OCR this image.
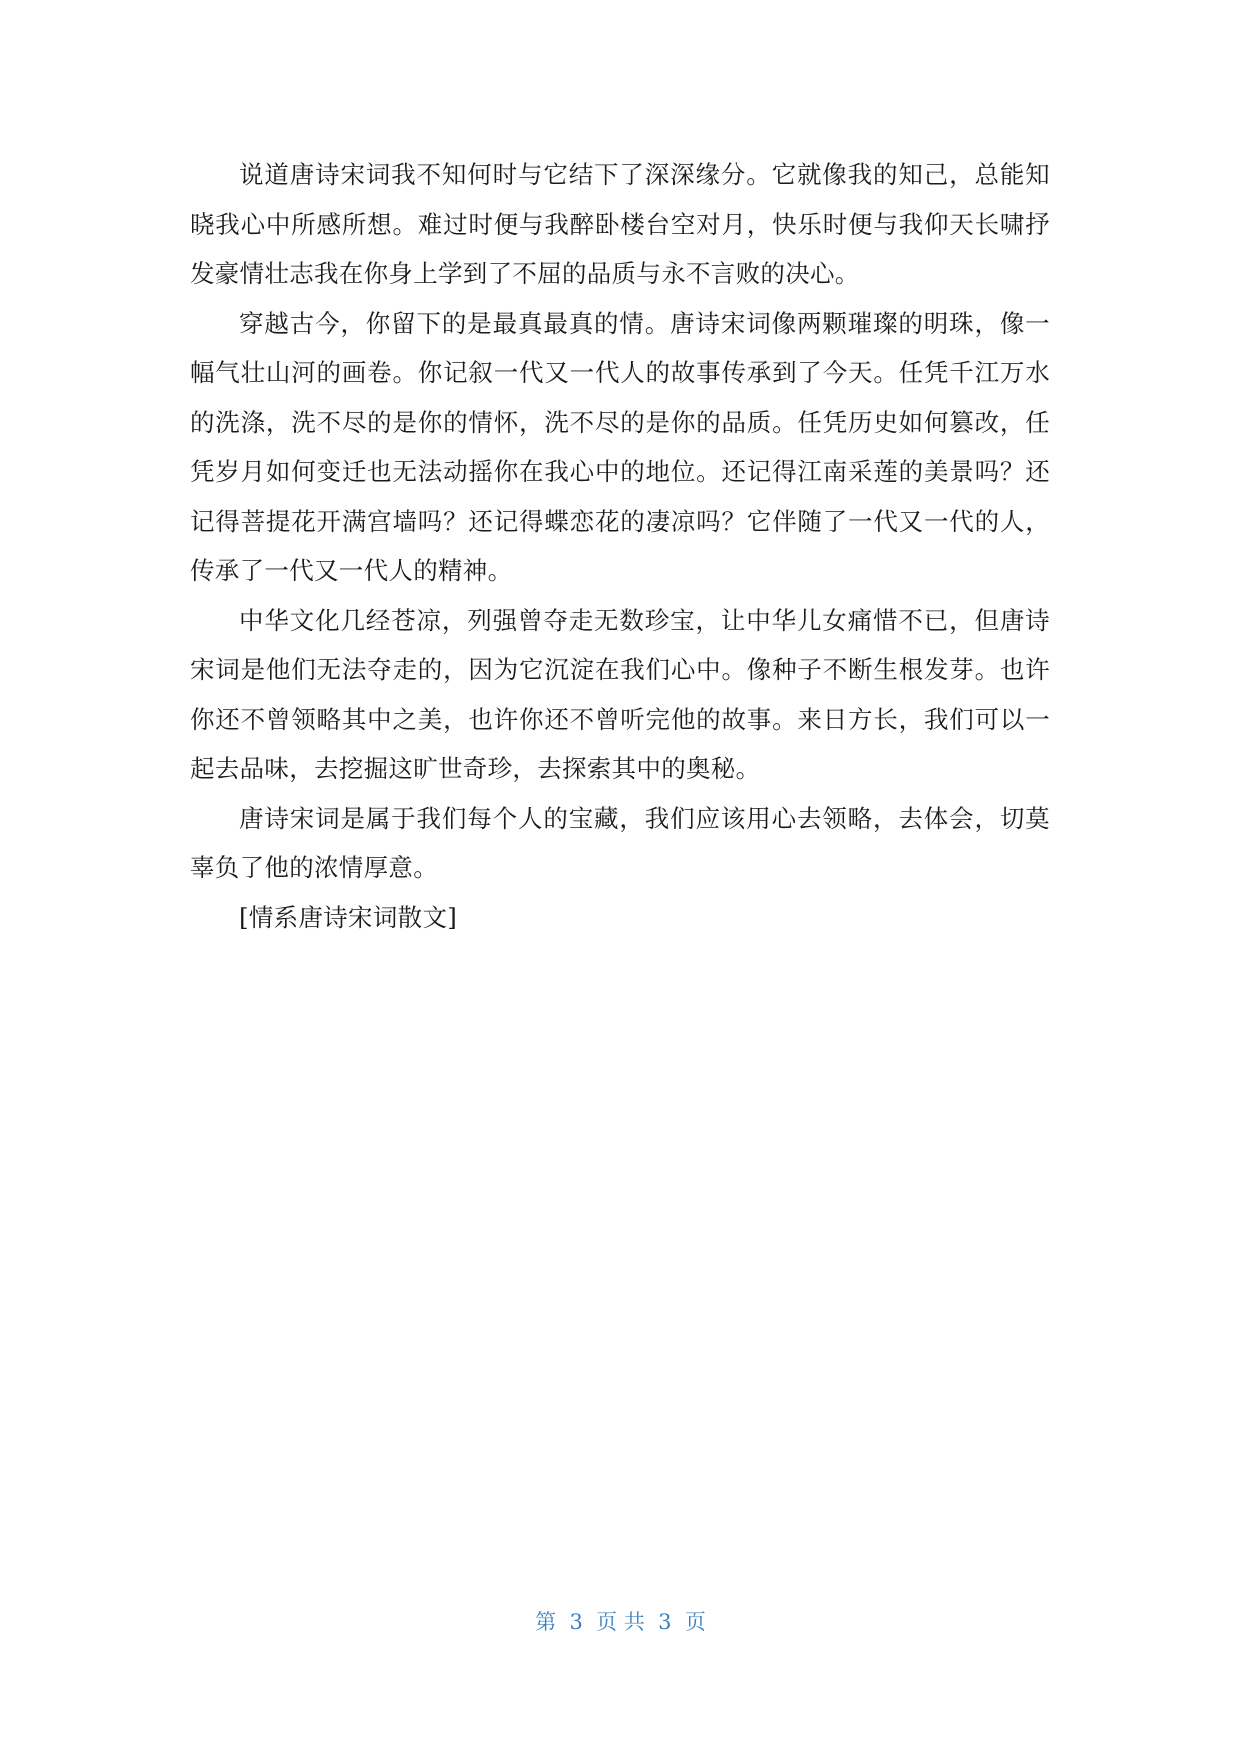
说道唐诗宋词我不知何时与它结下了深深缘分。它就像我的知己，总能知晓我心中所感所想。难过时便与我醉卧楼台空对月，快乐时便与我仰天长啸抒发豪情壮志我在你身上学到了不屈的品质与永不言败的决心。

穿越古今，你留下的是最真最真的情。唐诗宋词像两颗璀璨的明珠，像一幅气壮山河的画卷。你记叙一代又一代人的故事传承到了今天。任凭千江万水的洗涤，洗不尽的是你的情怀，洗不尽的是你的品质。任凭历史如何篡改，任凭岁月如何变迁也无法动摇你在我心中的地位。还记得江南采莲的美景吗？还记得菩提花开满宫墙吗？还记得蝶恋花的凄凉吗？它伴随了一代又一代的人，传承了一代又一代人的精神。

中华文化几经苍凉，列强曾夺走无数珍宝，让中华儿女痛惜不已，但唐诗宋词是他们无法夺走的，因为它沉淀在我们心中。像种子不断生根发芽。也许你还不曾领略其中之美，也许你还不曾听完他的故事。来日方长，我们可以一起去品味，去挖掘这旷世奇珍，去探索其中的奥秘。

唐诗宋词是属于我们每个人的宝藏，我们应该用心去领略，去体会，切莫辜负了他的浓情厚意。

[情系唐诗宋词散文]

第  3  页 共  3  页
